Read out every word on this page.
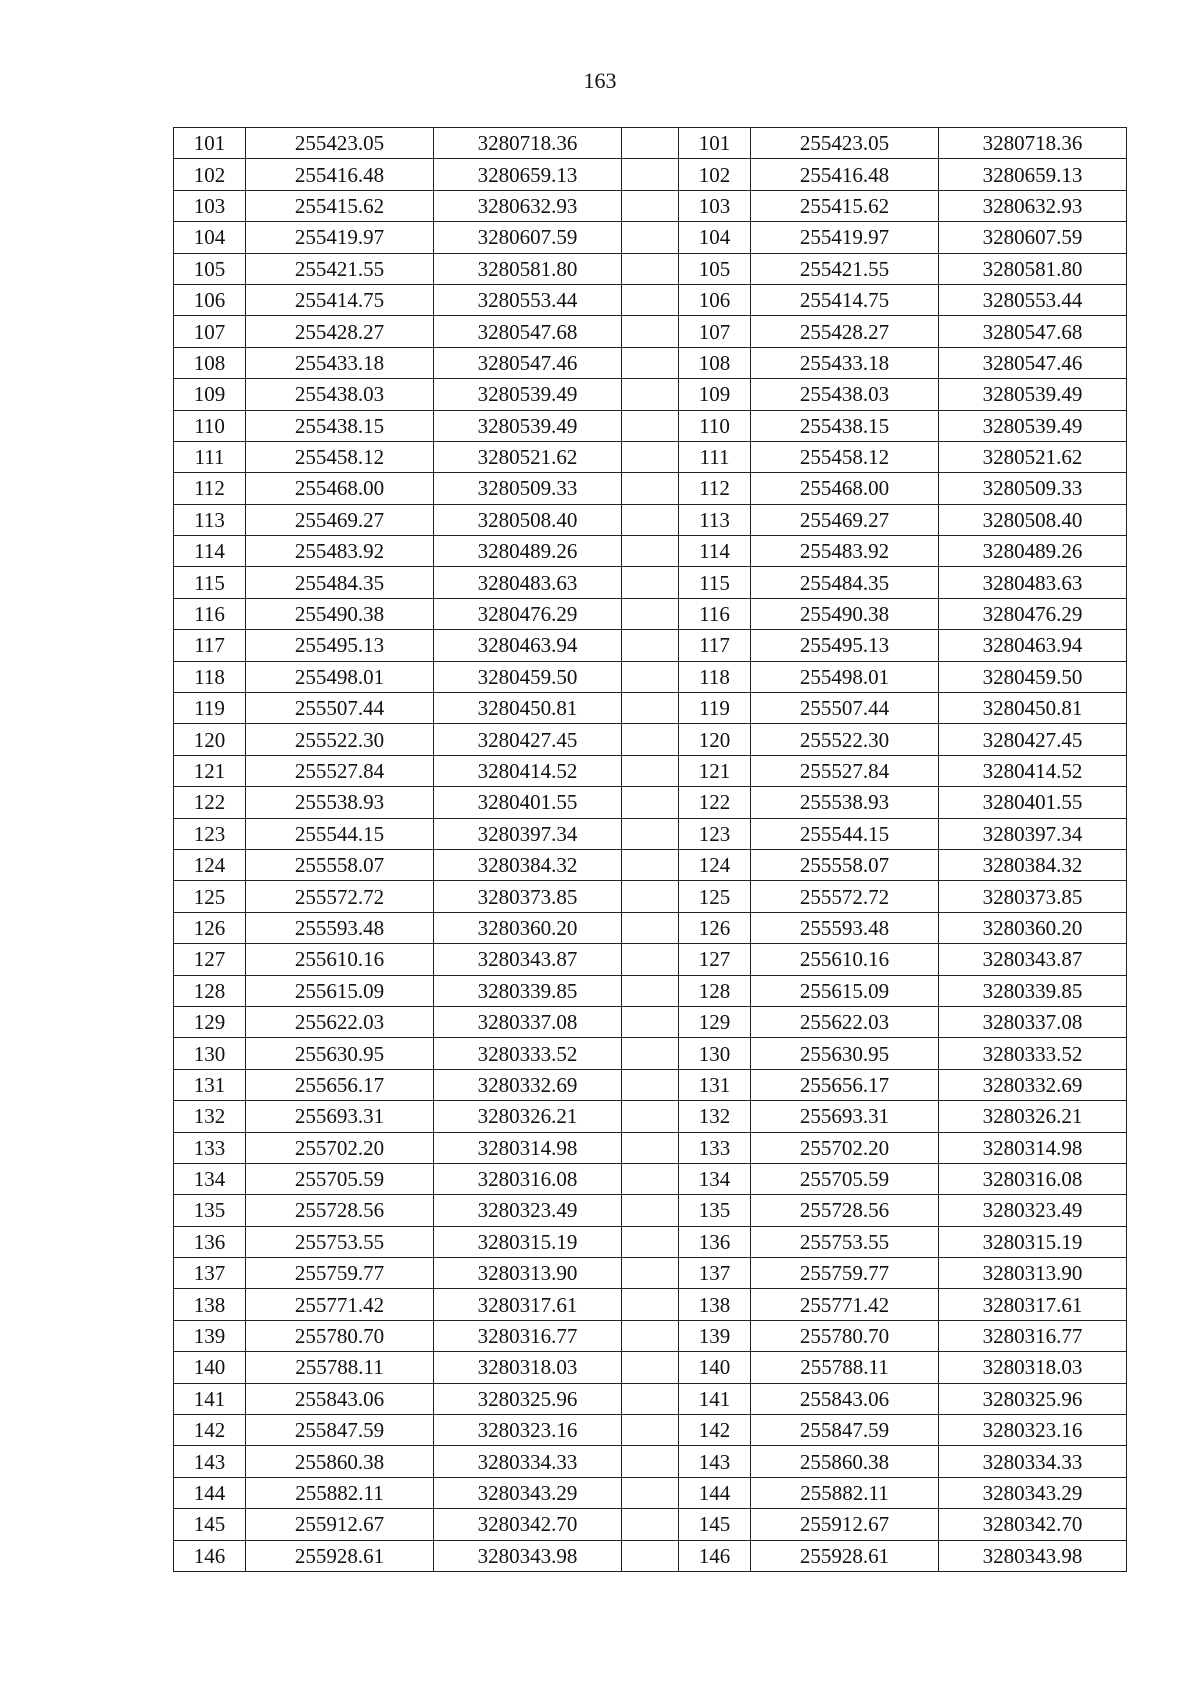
163
101	255423.05	3280718.36		101	255423.05	3280718.36
102	255416.48	3280659.13		102	255416.48	3280659.13
103	255415.62	3280632.93		103	255415.62	3280632.93
104	255419.97	3280607.59		104	255419.97	3280607.59
105	255421.55	3280581.80		105	255421.55	3280581.80
106	255414.75	3280553.44		106	255414.75	3280553.44
107	255428.27	3280547.68		107	255428.27	3280547.68
108	255433.18	3280547.46		108	255433.18	3280547.46
109	255438.03	3280539.49		109	255438.03	3280539.49
110	255438.15	3280539.49		110	255438.15	3280539.49
111	255458.12	3280521.62		111	255458.12	3280521.62
112	255468.00	3280509.33		112	255468.00	3280509.33
113	255469.27	3280508.40		113	255469.27	3280508.40
114	255483.92	3280489.26		114	255483.92	3280489.26
115	255484.35	3280483.63		115	255484.35	3280483.63
116	255490.38	3280476.29		116	255490.38	3280476.29
117	255495.13	3280463.94		117	255495.13	3280463.94
118	255498.01	3280459.50		118	255498.01	3280459.50
119	255507.44	3280450.81		119	255507.44	3280450.81
120	255522.30	3280427.45		120	255522.30	3280427.45
121	255527.84	3280414.52		121	255527.84	3280414.52
122	255538.93	3280401.55		122	255538.93	3280401.55
123	255544.15	3280397.34		123	255544.15	3280397.34
124	255558.07	3280384.32		124	255558.07	3280384.32
125	255572.72	3280373.85		125	255572.72	3280373.85
126	255593.48	3280360.20		126	255593.48	3280360.20
127	255610.16	3280343.87		127	255610.16	3280343.87
128	255615.09	3280339.85		128	255615.09	3280339.85
129	255622.03	3280337.08		129	255622.03	3280337.08
130	255630.95	3280333.52		130	255630.95	3280333.52
131	255656.17	3280332.69		131	255656.17	3280332.69
132	255693.31	3280326.21		132	255693.31	3280326.21
133	255702.20	3280314.98		133	255702.20	3280314.98
134	255705.59	3280316.08		134	255705.59	3280316.08
135	255728.56	3280323.49		135	255728.56	3280323.49
136	255753.55	3280315.19		136	255753.55	3280315.19
137	255759.77	3280313.90		137	255759.77	3280313.90
138	255771.42	3280317.61		138	255771.42	3280317.61
139	255780.70	3280316.77		139	255780.70	3280316.77
140	255788.11	3280318.03		140	255788.11	3280318.03
141	255843.06	3280325.96		141	255843.06	3280325.96
142	255847.59	3280323.16		142	255847.59	3280323.16
143	255860.38	3280334.33		143	255860.38	3280334.33
144	255882.11	3280343.29		144	255882.11	3280343.29
145	255912.67	3280342.70		145	255912.67	3280342.70
146	255928.61	3280343.98		146	255928.61	3280343.98
